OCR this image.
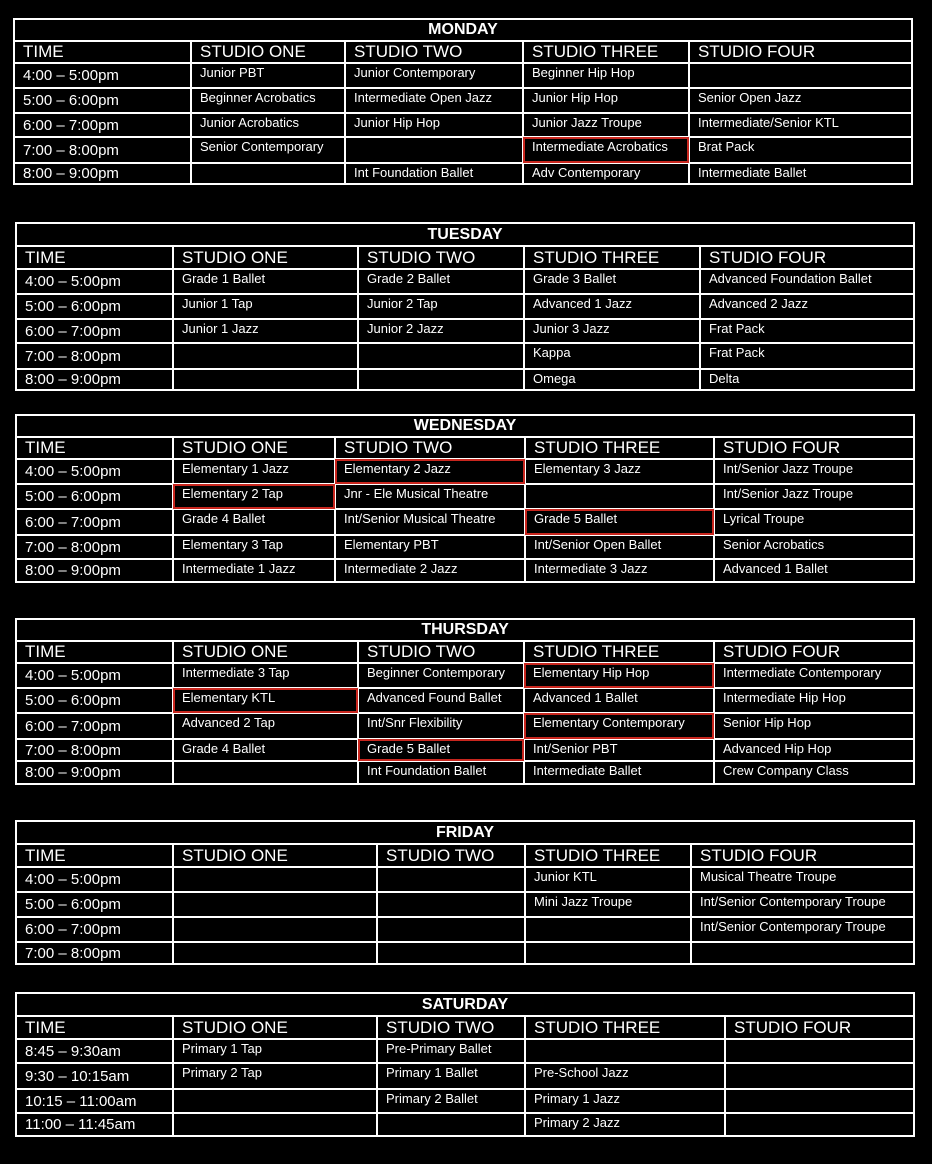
MONDAY				
TIME	STUDIO ONE	STUDIO TWO	STUDIO THREE	STUDIO FOUR
4:00 – 5:00pm	Junior PBT	Junior Contemporary	Beginner Hip Hop	
5:00 – 6:00pm	Beginner Acrobatics	Intermediate Open Jazz	Junior Hip Hop	Senior Open Jazz
6:00 – 7:00pm	Junior Acrobatics	Junior Hip Hop	Junior Jazz Troupe	Intermediate/Senior KTL
7:00 – 8:00pm	Senior Contemporary		Intermediate Acrobatics	Brat Pack
8:00 – 9:00pm		Int Foundation Ballet	Adv Contemporary	Intermediate Ballet
TUESDAY				
TIME	STUDIO ONE	STUDIO TWO	STUDIO THREE	STUDIO FOUR
4:00 – 5:00pm	Grade 1 Ballet	Grade 2 Ballet	Grade 3 Ballet	Advanced Foundation Ballet
5:00 – 6:00pm	Junior 1 Tap	Junior 2 Tap	Advanced 1 Jazz	Advanced 2 Jazz
6:00 – 7:00pm	Junior 1 Jazz	Junior 2 Jazz	Junior 3 Jazz	Frat Pack
7:00 – 8:00pm			Kappa	Frat Pack
8:00 – 9:00pm			Omega	Delta
WEDNESDAY				
TIME	STUDIO ONE	STUDIO TWO	STUDIO THREE	STUDIO FOUR
4:00 – 5:00pm	Elementary 1 Jazz	Elementary 2 Jazz	Elementary 3 Jazz	Int/Senior Jazz Troupe
5:00 – 6:00pm	Elementary 2 Tap	Jnr - Ele Musical Theatre		Int/Senior Jazz Troupe
6:00 – 7:00pm	Grade 4 Ballet	Int/Senior Musical Theatre	Grade 5 Ballet	Lyrical Troupe
7:00 – 8:00pm	Elementary 3 Tap	Elementary PBT	Int/Senior Open Ballet	Senior Acrobatics
8:00 – 9:00pm	Intermediate 1 Jazz	Intermediate 2 Jazz	Intermediate 3 Jazz	Advanced 1 Ballet
THURSDAY				
TIME	STUDIO ONE	STUDIO TWO	STUDIO THREE	STUDIO FOUR
4:00 – 5:00pm	Intermediate 3 Tap	Beginner Contemporary	Elementary Hip Hop	Intermediate Contemporary
5:00 – 6:00pm	Elementary KTL	Advanced Found Ballet	Advanced 1 Ballet	Intermediate Hip Hop
6:00 – 7:00pm	Advanced 2 Tap	Int/Snr Flexibility	Elementary Contemporary	Senior Hip Hop
7:00 – 8:00pm	Grade 4 Ballet	Grade 5 Ballet	Int/Senior PBT	Advanced Hip Hop
8:00 – 9:00pm		Int Foundation Ballet	Intermediate Ballet	Crew Company Class
FRIDAY				
TIME	STUDIO ONE	STUDIO TWO	STUDIO THREE	STUDIO FOUR
4:00 – 5:00pm			Junior KTL	Musical Theatre Troupe
5:00 – 6:00pm			Mini Jazz Troupe	Int/Senior Contemporary Troupe
6:00 – 7:00pm				Int/Senior Contemporary Troupe
7:00 – 8:00pm				
SATURDAY				
TIME	STUDIO ONE	STUDIO TWO	STUDIO THREE	STUDIO FOUR
8:45 – 9:30am	Primary 1 Tap	Pre-Primary Ballet		
9:30 – 10:15am	Primary 2 Tap	Primary 1 Ballet	Pre-School Jazz	
10:15 – 11:00am		Primary 2 Ballet	Primary 1 Jazz	
11:00 – 11:45am			Primary 2 Jazz	
